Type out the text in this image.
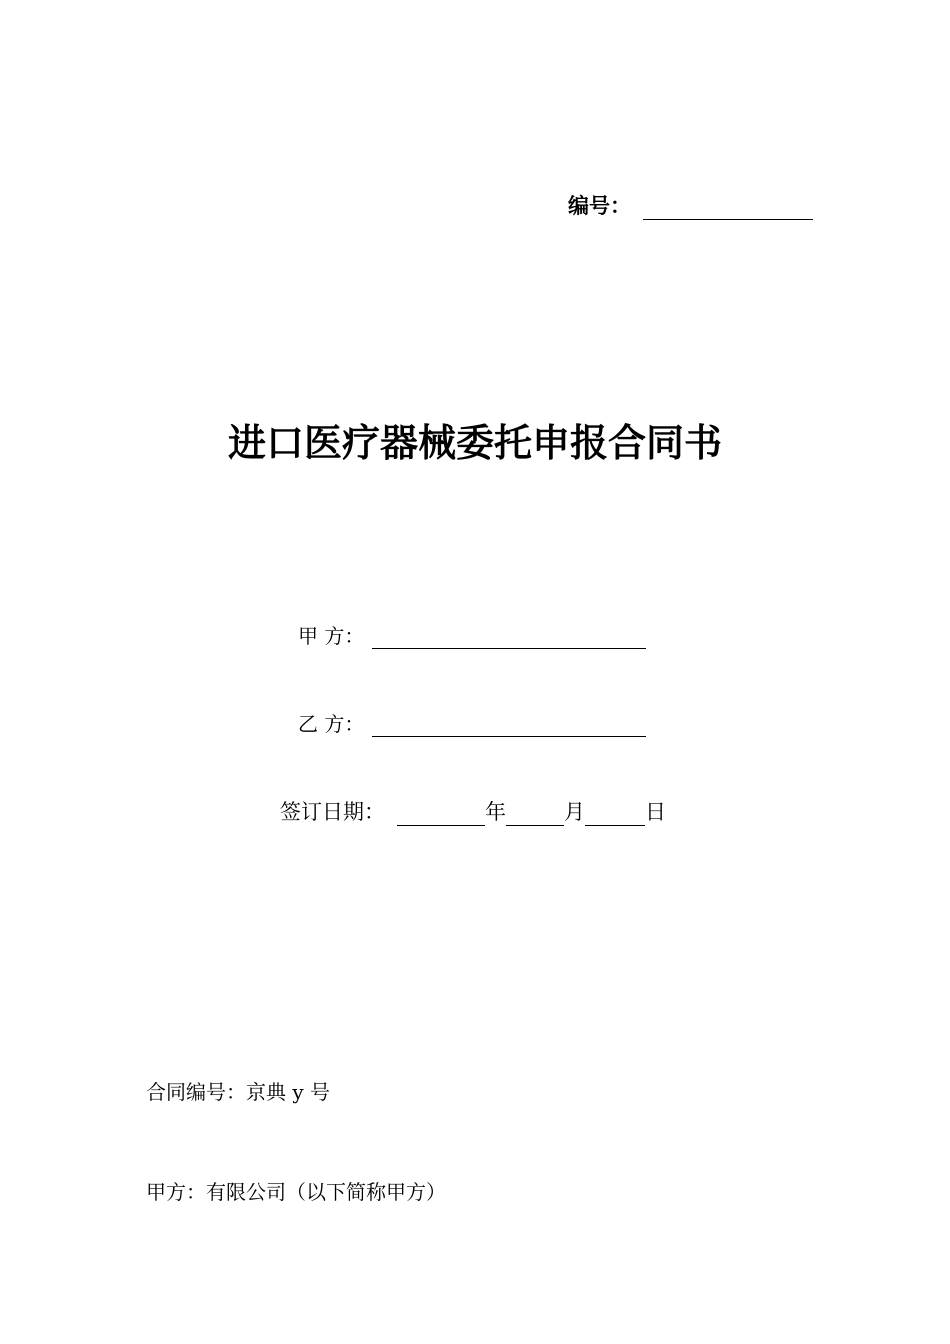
编号：
进口医疗器械委托申报合同书
甲 方：
乙 方：
签订日期：	年	月	日
合同编号：京典 y 号
甲方：有限公司（以下简称甲方）
